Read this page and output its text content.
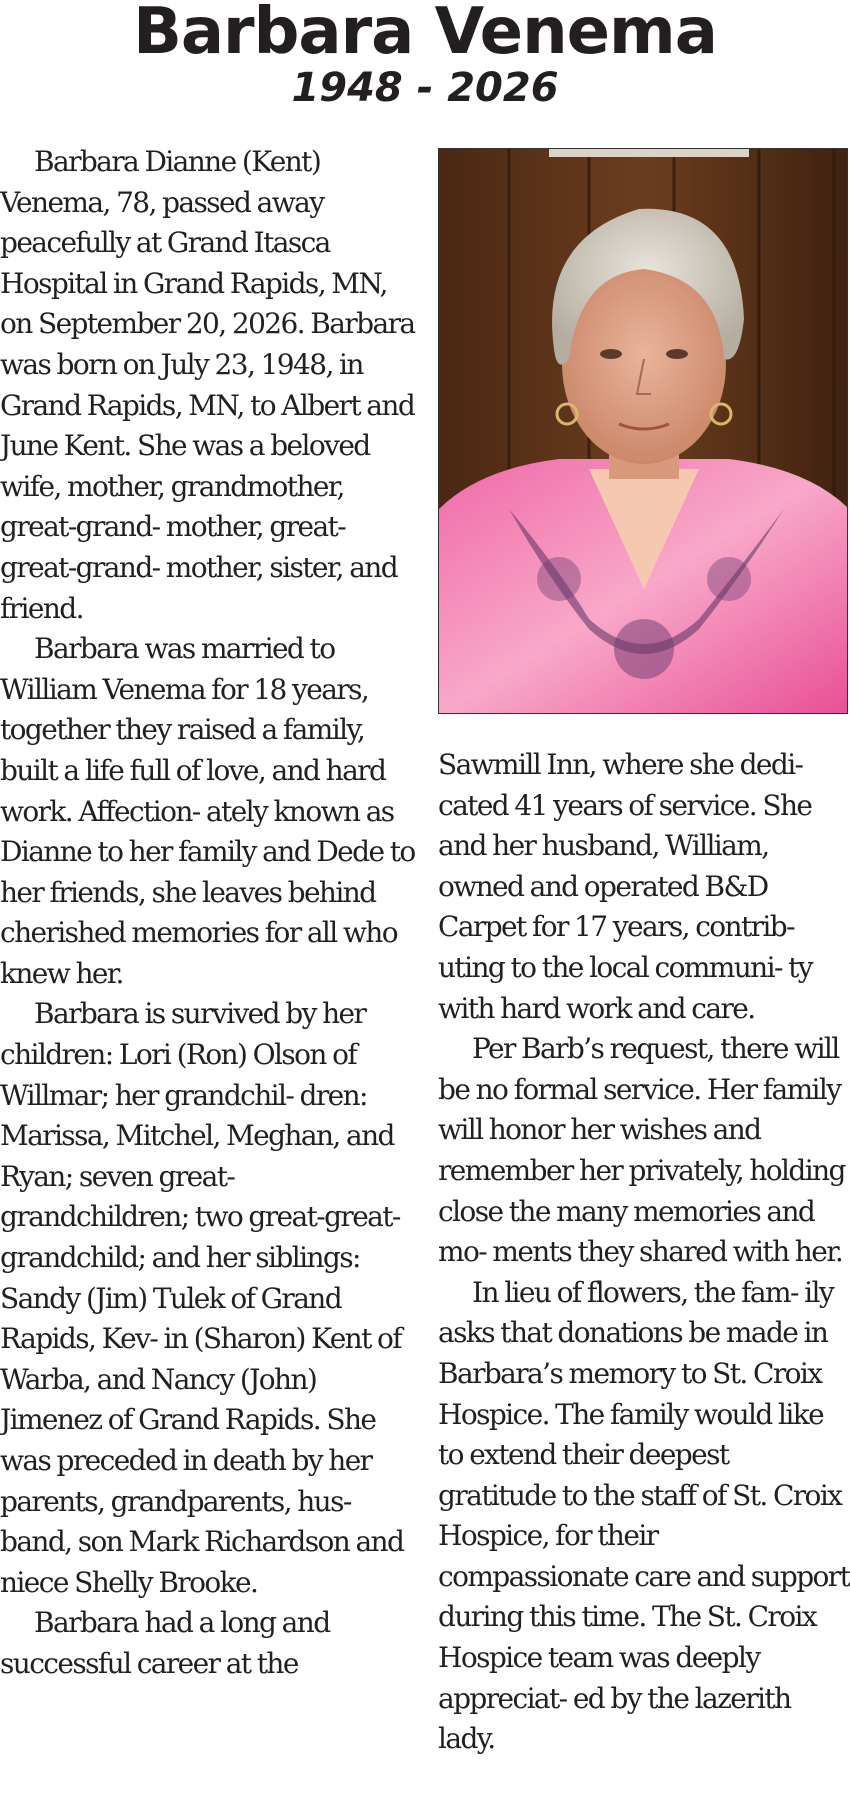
Barbara Venema
1948 - 2026

Barbara Dianne (Kent) Venema, 78, passed away peacefully at Grand Itasca Hospital in Grand Rapids, MN, on September 20, 2026. Barbara was born on July 23, 1948, in Grand Rapids, MN, to Albert and June Kent. She was a beloved wife, mother, grandmother, great-grand- mother, great-great-grand- mother, sister, and friend.

Barbara was married to William Venema for 18 years, together they raised a family, built a life full of love, and hard work. Affection- ately known as Dianne to her family and Dede to her friends, she leaves behind cherished memories for all who knew her.

Barbara is survived by her children: Lori (Ron) Olson of Willmar; her grandchil- dren: Marissa, Mitchel, Meghan, and Ryan; seven great-grandchildren; two great-great-grandchild; and her siblings: Sandy (Jim) Tulek of Grand Rapids, Kev- in (Sharon) Kent of Warba, and Nancy (John) Jimenez of Grand Rapids. She was preceded in death by her parents, grandparents, hus- band, son Mark Richardson and niece Shelly Brooke.

Barbara had a long and successful career at the

Sawmill Inn, where she dedi- cated 41 years of service. She and her husband, William, owned and operated B&D Carpet for 17 years, contrib- uting to the local communi- ty with hard work and care.

Per Barb’s request, there will be no formal service. Her family will honor her wishes and remember her privately, holding close the many memories and mo- ments they shared with her.

In lieu of flowers, the fam- ily asks that donations be made in Barbara’s memory to St. Croix Hospice. The family would like to extend their deepest gratitude to the staff of St. Croix Hospice, for their compassionate care and support during this time. The St. Croix Hospice team was deeply appreciat- ed by the lazerith lady.
